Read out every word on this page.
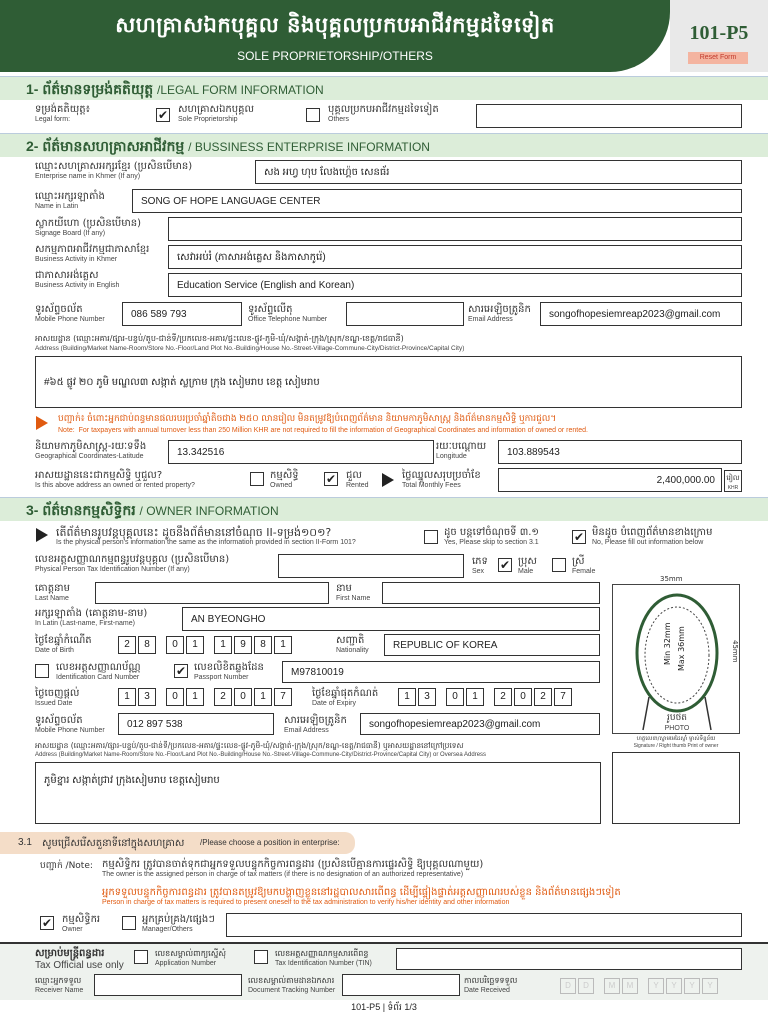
សហគ្រាសឯកបុគ្គល និងបុគ្គលប្រកបអាជីវកម្មដទៃទៀត
SOLE PROPRIETORSHIP/OTHERS
101-P5
Reset Form
1- ព័ត៌មានទម្រង់គតិយុត្ត /LEGAL FORM INFORMATION
ទម្រង់គតិយុត្ត៖
Legal form:	✔ សហគ្រាសឯកបុគ្គល
Sole Proprietorship
បុគ្គលប្រកបអាជីវកម្មដទៃទៀត
Others
2- ព័ត៌មានសហគ្រាសអាជីវកម្ម / BUSSINESS ENTERPRISE INFORMATION
ឈ្មោះសហគ្រាសអក្សរខ្មែរ (ប្រសិនបើមាន)
Enterprise name in Khmer (If any)	សង អហ្វ ហុប លែងហ្គ៉េច សេនធ័រ
ឈ្មោះអក្សរឡាតាំង
Name in Latin	SONG OF HOPE LANGUAGE CENTER
ស្លាកយីហោ (ប្រសិនបើមាន)
Signage Board (If any)
សកម្មភាពអាជីវកម្មជាភាសាខ្មែរ
Business Activity in Khmer	សេវាអប់រំ (ភាសាអង់គ្លេស និងភាសាកូរ៉េ)
ជាភាសាអង់គ្លេស
Business Activity in English	Education Service (English and Korean)
ទូរស័ព្ទចល័ត
Mobile Phone Number	086 589 793	ទូរស័ព្ទលើតុ
Office Telephone Number
សារអេឡិចត្រូនិក
Email Address	songofhopesiemreap2023@gmail.com
អាសយដ្ឋាន (ឈ្មោះអគារ/ផ្សារ-បន្ទប់/តូប-ជាន់ទី/ប្រកលេខ-អគារ/ផ្ទះលេខ-ផ្លូវ-ភូមិ-ឃុំ/សង្កាត់-ក្រុង/ស្រុក/ខណ្ឌ-ខេត្ត/រាជធានី)
Address (Building/Market Name-Room/Store No.-Floor/Land Plot No.-Building/House No.-Street-Village-Commune-City/District-Province/Capital City)
#៦៥ ផ្លូវ ២០ ភូមិ មណ្ឌល៣ សង្កាត់ ស្លក្រាម ក្រុង សៀមរាប ខេត្ត សៀមរាប
បញ្ជាក់៖ ចំពោះអ្នកជាប់ពន្ធមានផលរបរប្រចាំឆ្នាំតិចជាង ២៥០ លានរៀល មិនតម្រូវឱ្យបំពេញព័ត៌មាន និយាមកាភូមិសាស្ត្រ និងព័ត៌មានកម្មសិទ្ធិ ឬការជួល។
Note: For taxpayers with annual turnover less than 250 Million KHR are not required to fill the information of Geographical Coordinates and information of owned or rented.
និយាមកាភូមិសាស្ត្រ-រយៈទទឹង
Geographical Coordinates-Latitude	13.342516	រយៈបណ្តោយ
Longitude	103.889543
អាសយដ្ឋាននេះជាកម្មសិទ្ធិ ឬជួល?
Is this above address an owned or rented property?
កម្មសិទ្ធិ
Owned	✔ ជួល
Rented
ថ្លៃឈ្នួលសរុបប្រចាំខែ
Total Monthly Fees	2,400,000.00	រៀល
KHR
3- ព័ត៌មានកម្មសិទ្ធិករ / OWNER INFORMATION
តើព័ត៌មានរូបវន្តបុគ្គលនេះ ដូចនឹងព័ត៌មាននៅចំណុច II-ទម្រង់១០១?
Is the physical person's information the same as the information provided in section II-Form 101?
ដូច បន្តទៅចំណុចទី ៣.១
Yes, Please skip to section 3.1	✔ មិនដូច បំពេញព័ត៌មានខាងក្រោម
No, Please fill out information below
លេខអត្តសញ្ញាណកម្មពន្ធរូបវន្តបុគ្គល (ប្រសិនបើមាន)
Physical Person Tax Identification Number (If any)
ភេទ
Sex	✔ ប្រុស
Male
ស្រី
Female
គោត្តនាម
Last Name
នាម
First Name
អក្សរឡាតាំង (គោត្តនាម-នាម)
In Latin (Last-name, First-name)	AN BYEONGHO
ថ្ងៃខែឆ្នាំកំណើត
Date of Birth
2	8	0	1	1	9	8	1	សញ្ជាតិ
Nationality	REPUBLIC OF KOREA
លេខអត្តសញ្ញាណប័ណ្ណ
Identification Card Number	✔ លេខលិខិតឆ្លងដែន
Passport Number	M97810019
ថ្ងៃចេញផ្តល់
Issued Date
1	3	0	1	2	0	1	7	ថ្ងៃខែឆ្នាំផុតកំណត់
Date of Expiry
1	3	0	1	2	0	2	7
ទូរស័ព្ទចល័ត
Mobile Phone Number
012 897 538	សារអេឡិចត្រូនិក
Email Address
songofhopesiemreap2023@gmail.com
អាសយដ្ឋាន (ឈ្មោះអគារ/ផ្សារ-បន្ទប់/តូប-ជាន់ទី/ប្រកលេខ-អគារ/ផ្ទះលេខ-ផ្លូវ-ភូមិ-ឃុំ/សង្កាត់-ក្រុង/ស្រុក/ខណ្ឌ-ខេត្ត/រាជធានី) ឬអាសយដ្ឋាននៅក្រៅប្រទេស
Address (Building/Market Name-Room/Store No.-Floor/Land Plot No.-Building/House No.-Street-Village-Commune-City/District-Province/Capital City) or Oversea Address
ភូមិខ្នារ សង្កាត់ជ្រាវ ក្រុងសៀមរាប ខេត្តសៀមរាប
Min 32mm Max 36mm
រូបថត
PHOTO
35mm
45mm
ហត្ថលេខា/ស្នាមមេដៃស្តាំ ម្ចាស់ទិន្នន័យ
Signature / Right thumb Print of owner
3.1 សូមជ្រើសរើសតួនាទីនៅក្នុងសហគ្រាស /Please choose a position in enterprise:
បញ្ជាក់ /Note: កម្មសិទ្ធិករ ត្រូវបានចាត់ទុកជាអ្នកទទួលបន្ទុកកិច្ចការពន្ធដារ (ប្រសិនបើគ្មានការផ្ទេរសិទ្ធិ ឱ្យបុគ្គលណាមួយ)
The owner is the assigned person in charge of tax matters (if there is no designation of an authorized representative)
អ្នកទទួលបន្ទុកកិច្ចការពន្ធដារ ត្រូវបានតម្រូវឱ្យមកបង្ហាញខ្លួននៅរដ្ឋបាលសារពើពន្ធ ដើម្បីផ្ទៀងផ្ទាត់អត្តសញ្ញាណរបស់ខ្លួន និងព័ត៌មានផ្សេងៗទៀត
Person in charge of tax matters is required to present oneself to the tax administration to verify his/her identity and other information
✔ កម្មសិទ្ធិករ
Owner
អ្នកគ្រប់គ្រង/ផ្សេងៗ
Manager/Others
សម្រាប់មន្ត្រីពន្ធដារ
Tax Official use only
លេខសម្គាល់ពាក្យស្នើសុំ
Application Number
លេខអត្តសញ្ញាណកម្មសារពើពន្ធ
Tax Identification Number (TIN)
ឈ្មោះអ្នកទទួល
Receiver Name
លេខសម្គាល់តាមដានឯកសារ
Document Tracking Number
កាលបរិច្ឆេទទទួល
Date Received
D	D	M	M	Y	Y	Y	Y
101-P5 | ទំព័រ 1/3
